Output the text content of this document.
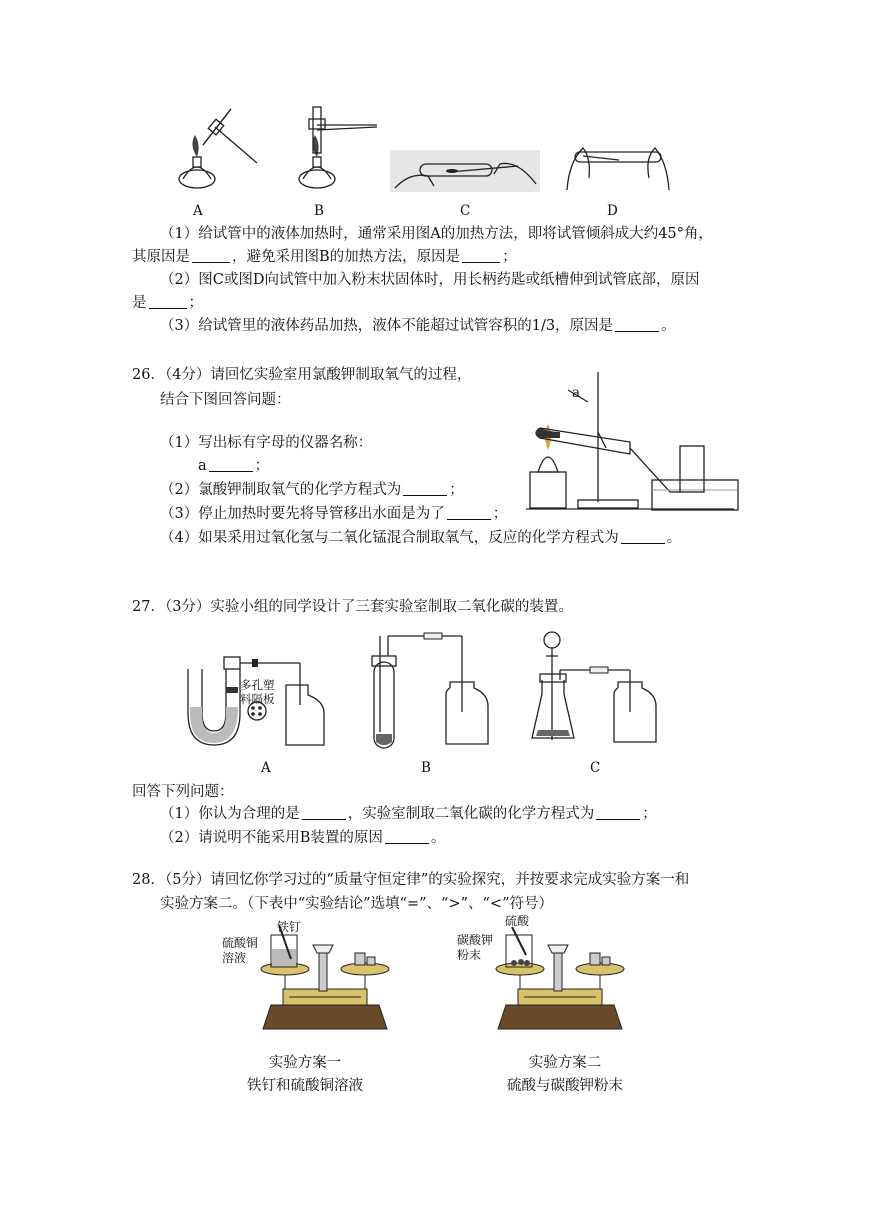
A	B	C	D
（1）给试管中的液体加热时，通常采用图A的加热方法，即将试管倾斜成大约45°角，
其原因是	，避免采用图B的加热方法，原因是	；
（2）图C或图D向试管中加入粉末状固体时，用长柄药匙或纸槽伸到试管底部，原因
是	；
（3）给试管里的液体药品加热，液体不能超过试管容积的1/3，原因是	。
26．（4分）请回忆实验室用氯酸钾制取氧气的过程，
结合下图回答问题：
（1）写出标有字母的仪器名称：
a	；
（2）氯酸钾制取氧气的化学方程式为	；
（3）停止加热时要先将导管移出水面是为了	；
（4）如果采用过氧化氢与二氧化锰混合制取氧气，反应的化学方程式为	。
a
27．（3分）实验小组的同学设计了三套实验室制取二氧化碳的装置。
多孔塑
料隔板
A	B	C
回答下列问题：
（1）你认为合理的是	，实验室制取二氧化碳的化学方程式为	；
（2）请说明不能采用B装置的原因	。
28．（5分）请回忆你学习过的“质量守恒定律”的实验探究，并按要求完成实验方案一和
实验方案二。（下表中“实验结论”选填“=”、“>”、“<”符号）
铁钉
硫酸铜
溶液
硫酸
碳酸钾
粉末
实验方案一
铁钉和硫酸铜溶液
实验方案二
硫酸与碳酸钾粉末
